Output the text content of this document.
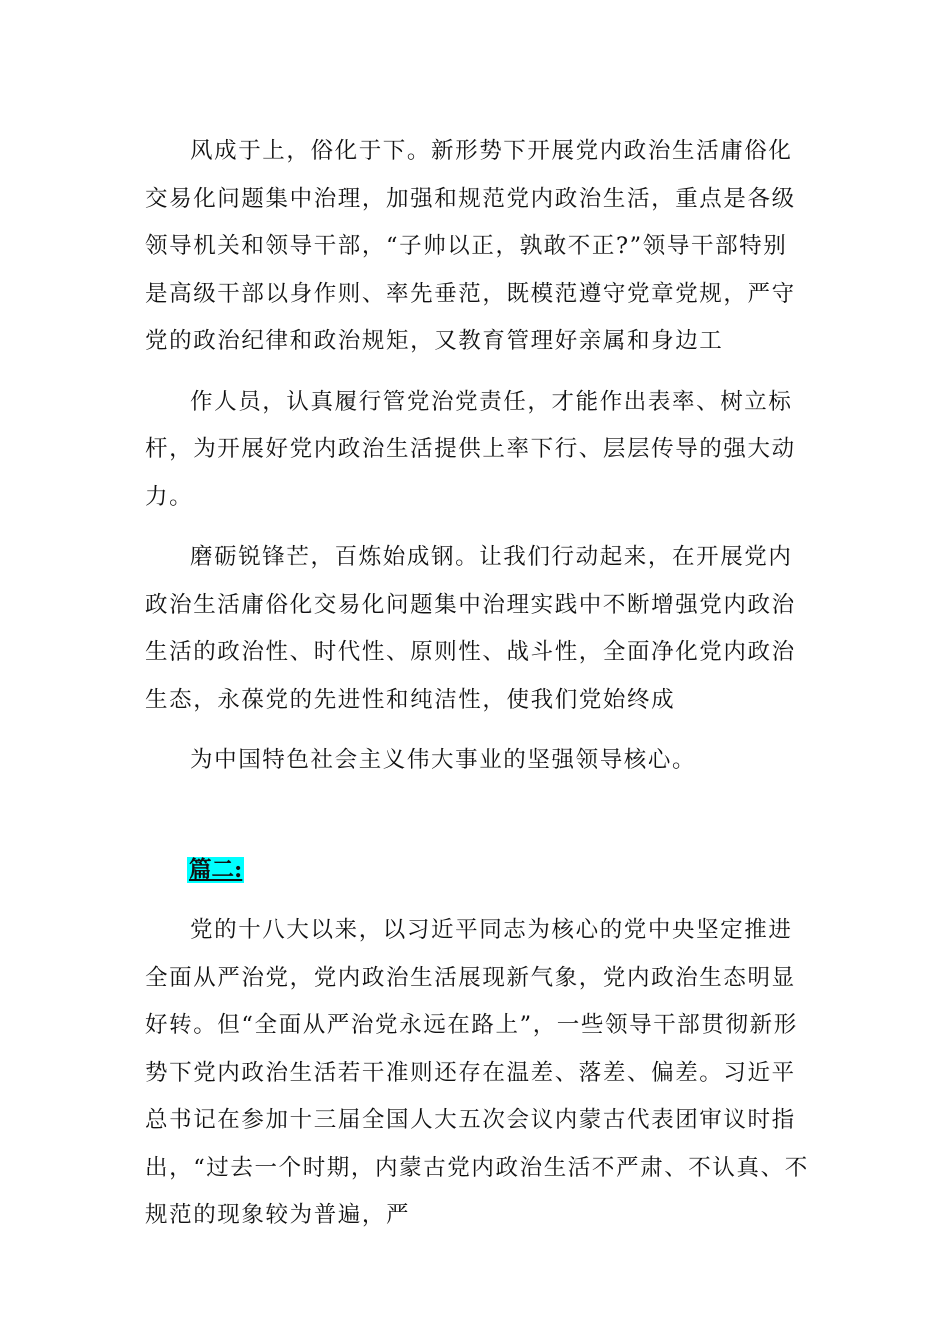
风成于上，俗化于下。新形势下开展党内政治生活庸俗化交易化问题集中治理，加强和规范党内政治生活，重点是各级领导机关和领导干部，“子帅以正，孰敢不正?”领导干部特别是高级干部以身作则、率先垂范，既模范遵守党章党规，严守党的政治纪律和政治规矩，又教育管理好亲属和身边工

作人员，认真履行管党治党责任，才能作出表率、树立标杆，为开展好党内政治生活提供上率下行、层层传导的强大动力。

磨砺锐锋芒，百炼始成钢。让我们行动起来，在开展党内政治生活庸俗化交易化问题集中治理实践中不断增强党内政治生活的政治性、时代性、原则性、战斗性，全面净化党内政治生态，永葆党的先进性和纯洁性，使我们党始终成

为中国特色社会主义伟大事业的坚强领导核心。

篇二:

党的十八大以来，以习近平同志为核心的党中央坚定推进全面从严治党，党内政治生活展现新气象，党内政治生态明显好转。但“全面从严治党永远在路上”，一些领导干部贯彻新形势下党内政治生活若干准则还存在温差、落差、偏差。习近平总书记在参加十三届全国人大五次会议内蒙古代表团审议时指出，“过去一个时期，内蒙古党内政治生活不严肃、不认真、不规范的现象较为普遍，严
